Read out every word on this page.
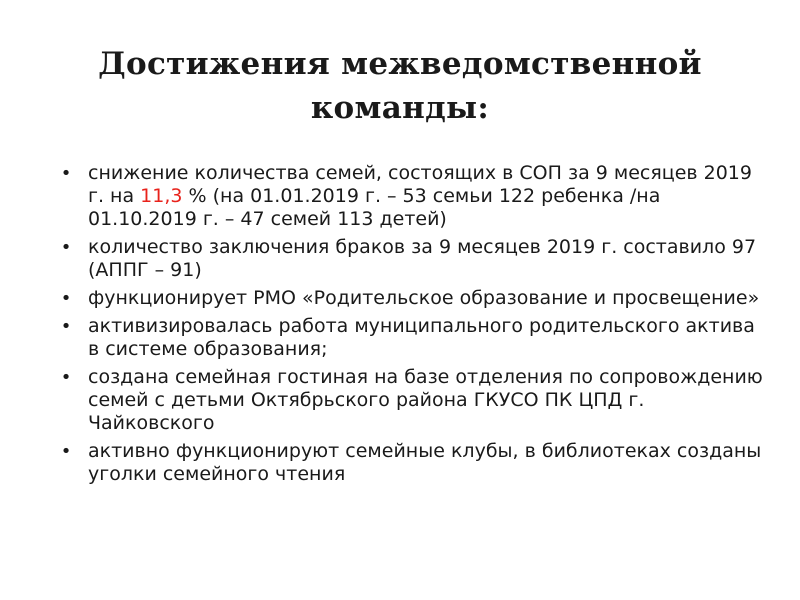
Достижения межведомственной
команды:
• снижение количества семей, состоящих в СОП за 9 месяцев 2019 г. на 11,3 % (на 01.01.2019 г. – 53 семьи 122 ребенка /на 01.10.2019 г. – 47 семей 113 детей)
• количество заключения браков за 9 месяцев 2019 г. составило 97 (АППГ – 91)
• функционирует РМО «Родительское образование и просвещение»
• активизировалась работа муниципального родительского актива в системе образования;
• создана семейная гостиная на базе отделения по сопровождению семей с детьми Октябрьского района ГКУСО ПК ЦПД г. Чайковского
• активно функционируют семейные клубы, в библиотеках созданы уголки семейного чтения
